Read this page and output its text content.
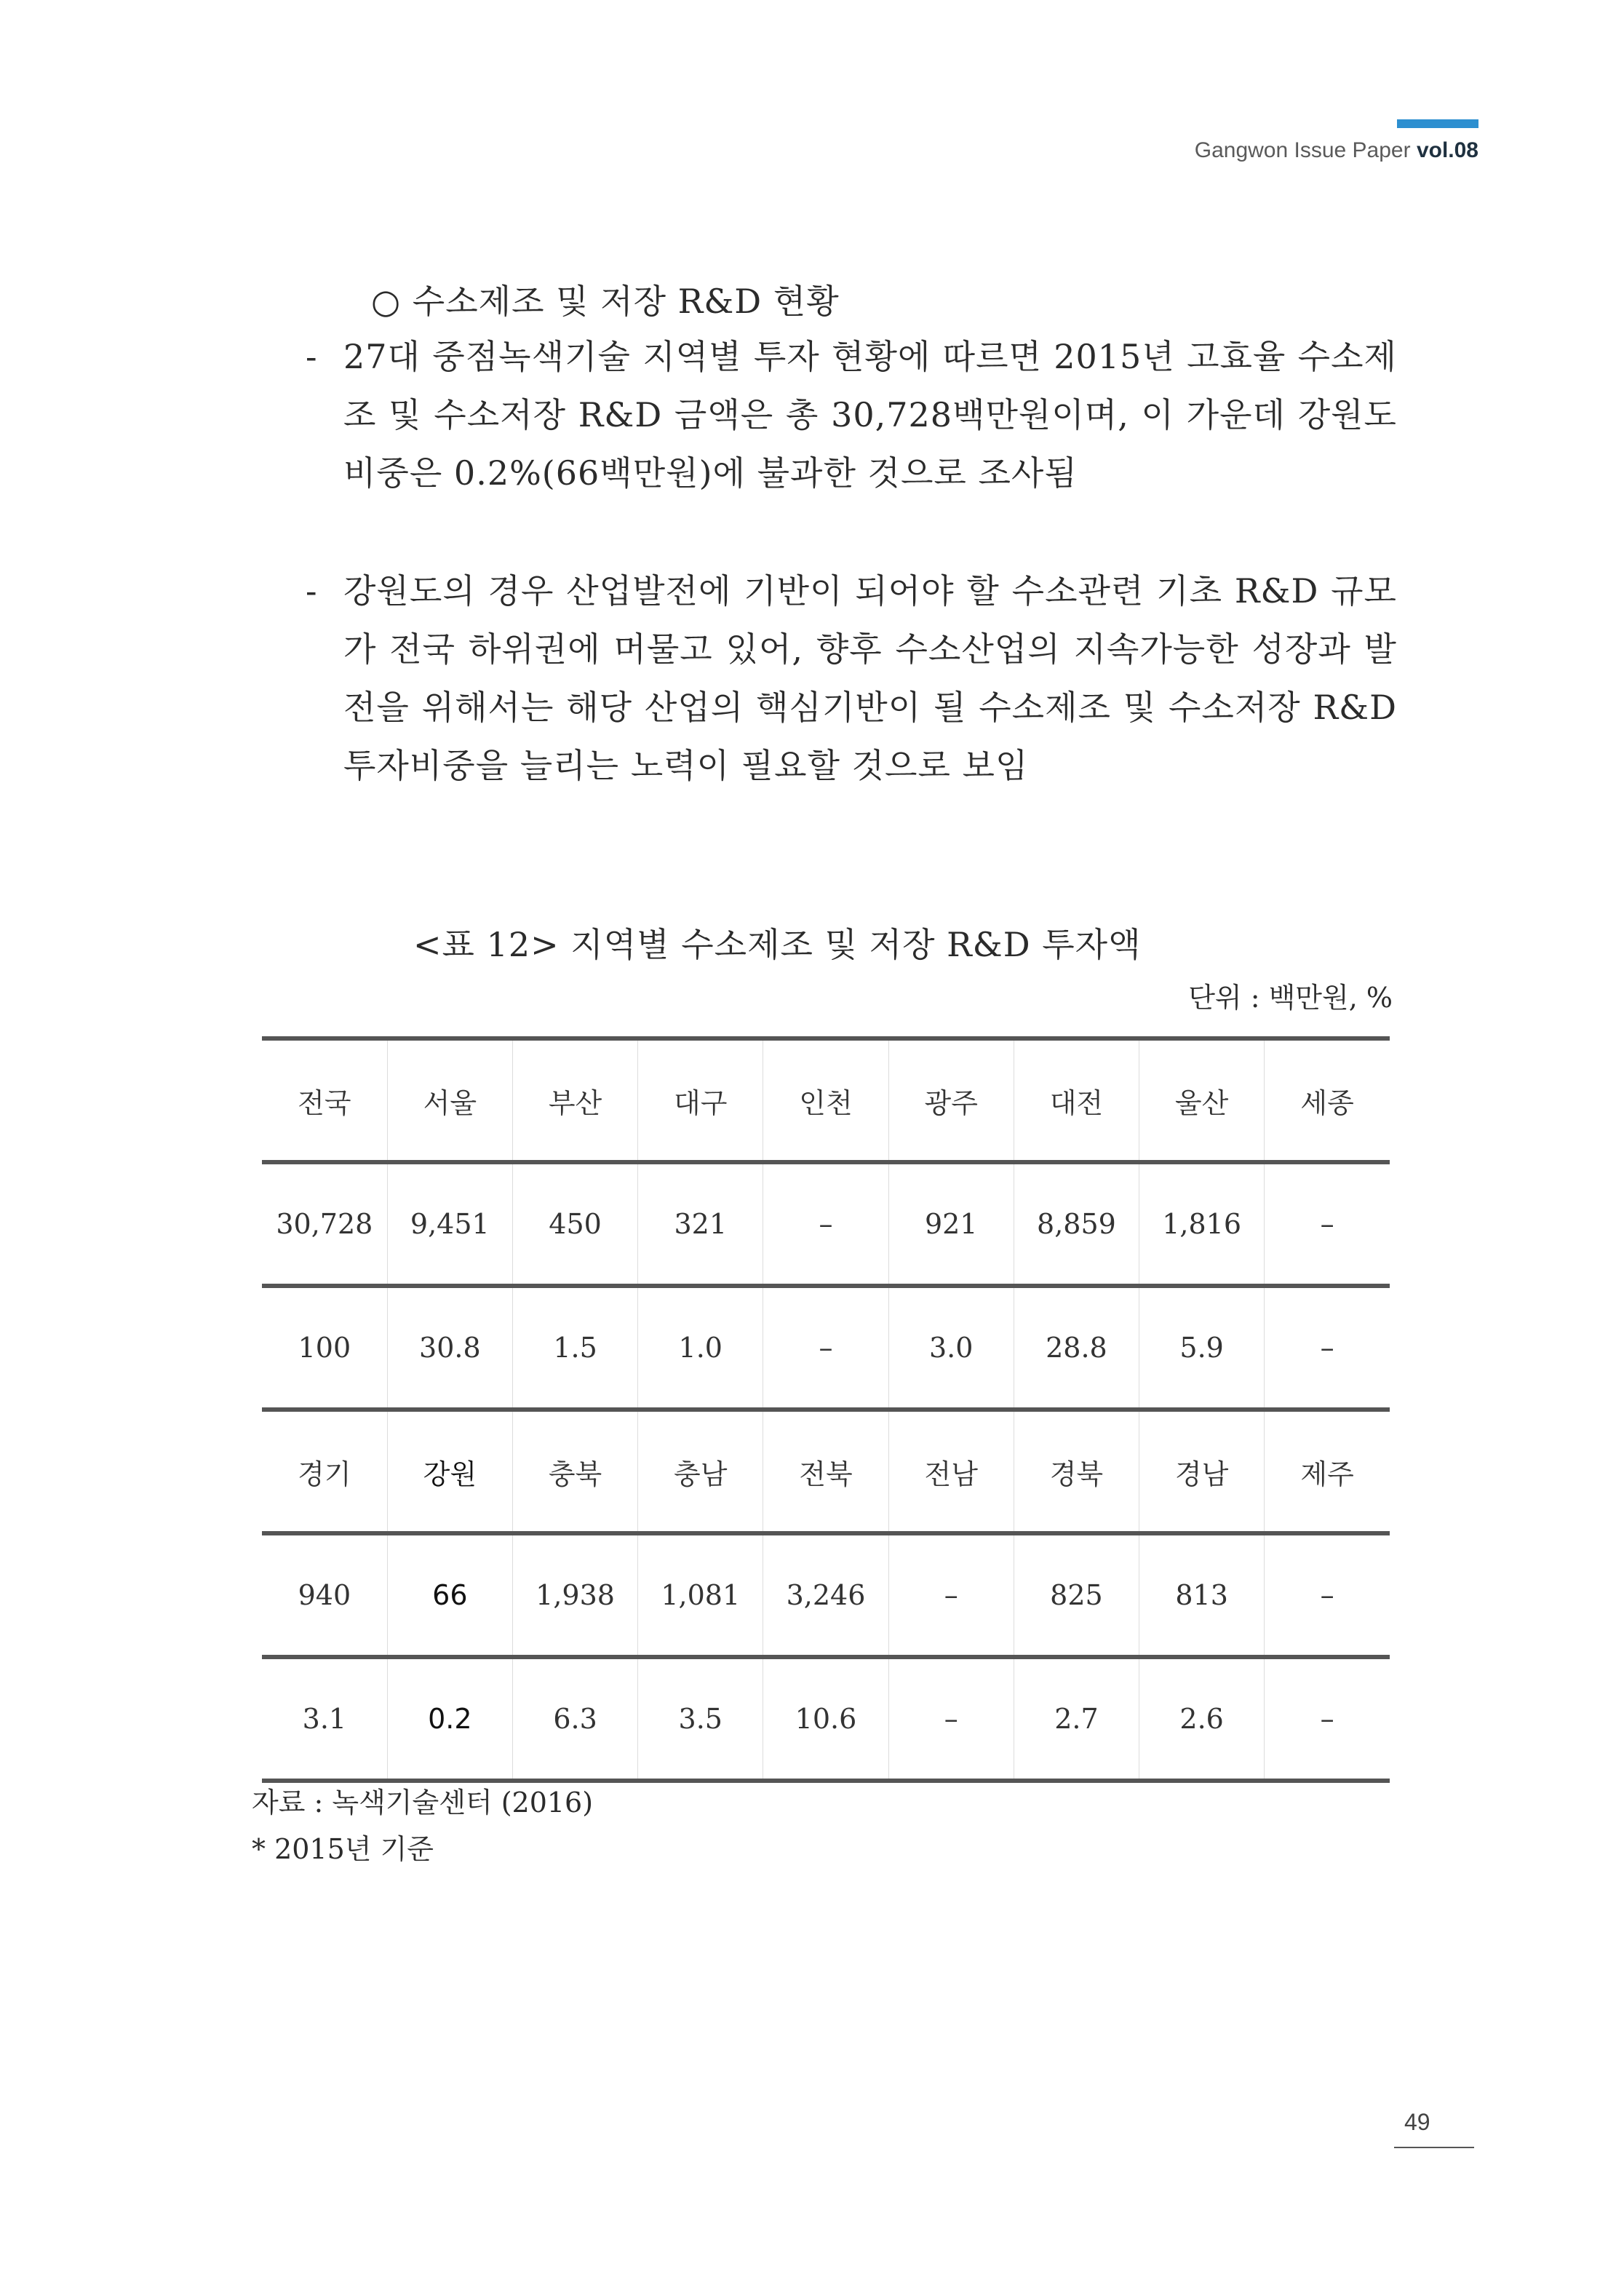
Gangwon Issue Paper vol.08
○ 수소제조 및 저장 R&D 현황
- 27대 중점녹색기술 지역별 투자 현황에 따르면 2015년 고효율 수소제조 및 수소저장 R&D 금액은 총 30,728백만원이며, 이 가운데 강원도 비중은 0.2%(66백만원)에 불과한 것으로 조사됨
- 강원도의 경우 산업발전에 기반이 되어야 할 수소관련 기초 R&D 규모가 전국 하위권에 머물고 있어, 향후 수소산업의 지속가능한 성장과 발전을 위해서는 해당 산업의 핵심기반이 될 수소제조 및 수소저장 R&D 투자비중을 늘리는 노력이 필요할 것으로 보임
<표 12> 지역별 수소제조 및 저장 R&D 투자액
단위 : 백만원, %
전국	서울	부산	대구	인천	광주	대전	울산	세종
30,728	9,451	450	321	–	921	8,859	1,816	–
100	30.8	1.5	1.0	–	3.0	28.8	5.9	–
경기	강원	충북	충남	전북	전남	경북	경남	제주
940	66	1,938	1,081	3,246	–	825	813	–
3.1	0.2	6.3	3.5	10.6	–	2.7	2.6	–
자료 : 녹색기술센터 (2016)
* 2015년 기준
49
